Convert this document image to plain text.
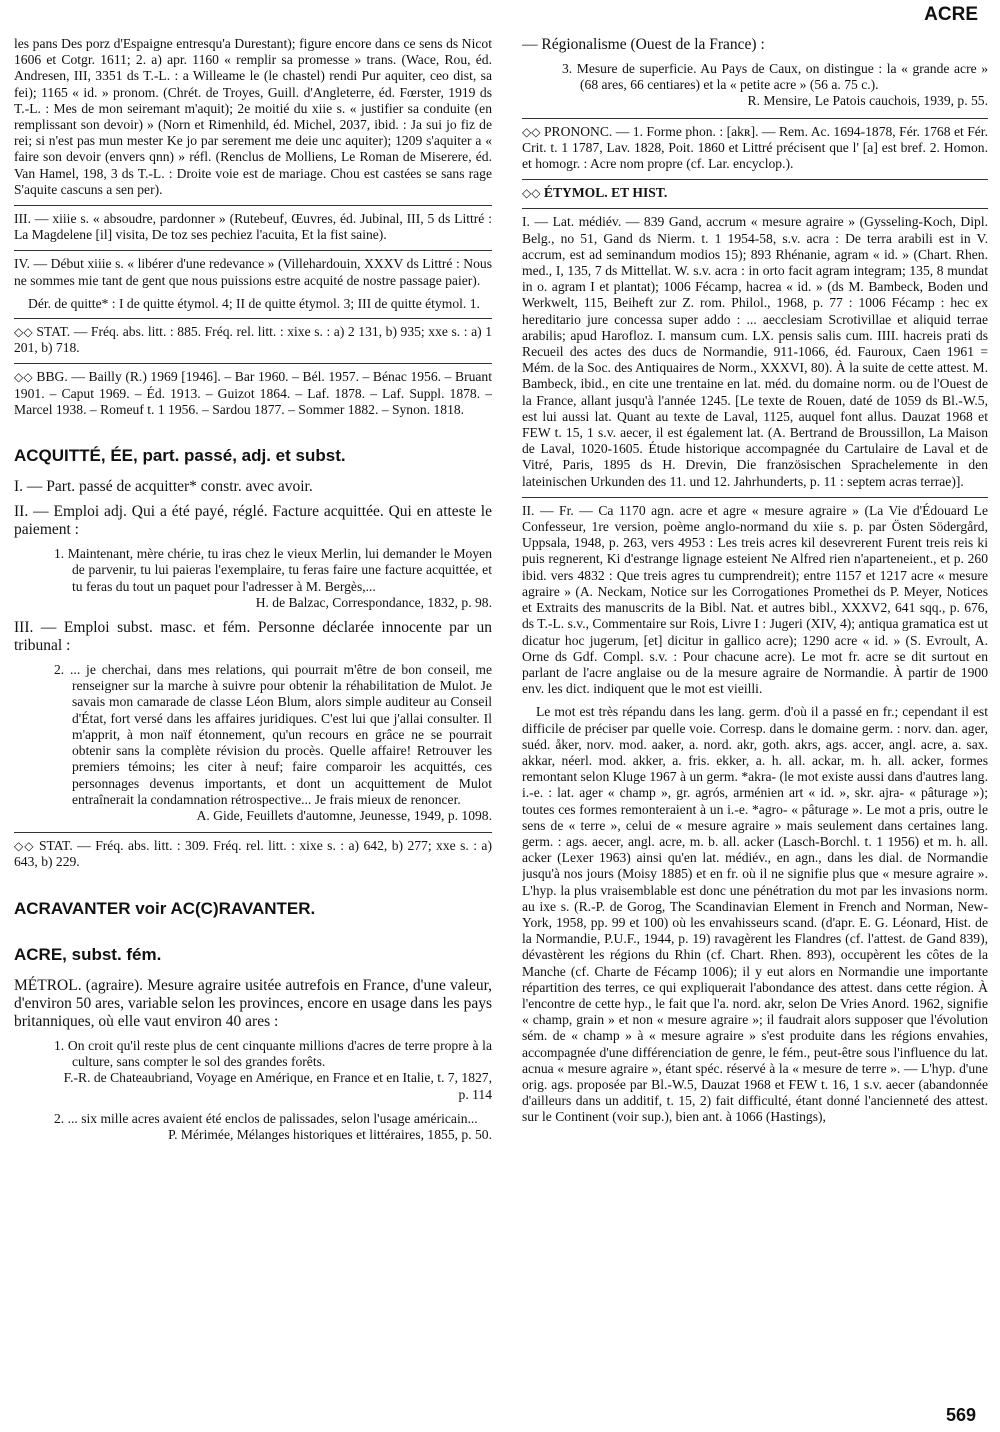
ACRE

les pans Des porz d'Espaigne entresqu'a Durestant); figure encore dans ce sens ds Nicot 1606 et Cotgr. 1611; 2. a) apr. 1160 « remplir sa promesse » trans. (Wace, Rou, éd. Andresen, III, 3351 ds T.-L. : a Willeame le (le chastel) rendi Pur aquiter, ceo dist, sa fei); 1165 « id. » pronom. (Chrét. de Troyes, Guill. d'Angleterre, éd. Fœrster, 1919 ds T.-L. : Mes de mon seiremant m'aquit); 2e moitié du xiie s. « justifier sa conduite (en remplissant son devoir) » (Norn et Rimenhild, éd. Michel, 2037, ibid. : Ja sui jo fiz de rei; si n'est pas mun mester Ke jo par serement me deie unc aquiter); 1209 s'aquiter a « faire son devoir (envers qnn) » réfl. (Renclus de Molliens, Le Roman de Miserere, éd. Van Hamel, 198, 3 ds T.-L. : Droite voie est de mariage. Chou est castées se sans rage S'aquite cascuns a sen per).

III. — xiiie s. « absoudre, pardonner » (Rutebeuf, Œuvres, éd. Jubinal, III, 5 ds Littré : La Magdelene [il] visita, De toz ses pechiez l'acuita, Et la fist saine).

IV. — Début xiiie s. « libérer d'une redevance » (Villehardouin, XXXV ds Littré : Nous ne sommes mie tant de gent que nous puissions estre acquité de nostre passage paier).

Dér. de quitte* : I de quitte étymol. 4; II de quitte étymol. 3; III de quitte étymol. 1.

◇◇ STAT. — Fréq. abs. litt. : 885. Fréq. rel. litt. : xixe s. : a) 2 131, b) 935; xxe s. : a) 1 201, b) 718.

◇◇ BBG. — Bailly (R.) 1969 [1946]. – Bar 1960. – Bél. 1957. – Bénac 1956. – Bruant 1901. – Caput 1969. – Éd. 1913. – Guizot 1864. – Laf. 1878. – Laf. Suppl. 1878. – Marcel 1938. – Romeuf t. 1 1956. – Sardou 1877. – Sommer 1882. – Synon. 1818.

ACQUITTÉ, ÉE, part. passé, adj. et subst.

I. — Part. passé de acquitter* constr. avec avoir.

II. — Emploi adj. Qui a été payé, réglé. Facture acquittée. Qui en atteste le paiement :

1. Maintenant, mère chérie, tu iras chez le vieux Merlin, lui demander le Moyen de parvenir, tu lui paieras l'exemplaire, tu feras faire une facture acquittée, et tu feras du tout un paquet pour l'adresser à M. Bergès,...
H. de Balzac, Correspondance, 1832, p. 98.

III. — Emploi subst. masc. et fém. Personne déclarée innocente par un tribunal :

2. ... je cherchai, dans mes relations, qui pourrait m'être de bon conseil, me renseigner sur la marche à suivre pour obtenir la réhabilitation de Mulot. Je savais mon camarade de classe Léon Blum, alors simple auditeur au Conseil d'État, fort versé dans les affaires juridiques. C'est lui que j'allai consulter. Il m'apprit, à mon naïf étonnement, qu'un recours en grâce ne se pourrait obtenir sans la complète révision du procès. Quelle affaire! Retrouver les premiers témoins; les citer à neuf; faire comparoir les acquittés, ces personnages devenus importants, et dont un acquittement de Mulot entraînerait la condamnation rétrospective... Je frais mieux de renoncer.
A. Gide, Feuillets d'automne, Jeunesse, 1949, p. 1098.

◇◇ STAT. — Fréq. abs. litt. : 309. Fréq. rel. litt. : xixe s. : a) 642, b) 277; xxe s. : a) 643, b) 229.

ACRAVANTER voir AC(C)RAVANTER.
ACRE, subst. fém.

MÉTROL. (agraire). Mesure agraire usitée autrefois en France, d'une valeur, d'environ 50 ares, variable selon les provinces, encore en usage dans les pays britanniques, où elle vaut environ 40 ares :

1. On croit qu'il reste plus de cent cinquante millions d'acres de terre propre à la culture, sans compter le sol des grandes forêts.
F.-R. de Chateaubriand, Voyage en Amérique, en France et en Italie, t. 7, 1827, p. 114
2. ... six mille acres avaient été enclos de palissades, selon l'usage américain...
P. Mérimée, Mélanges historiques et littéraires, 1855, p. 50.

— Régionalisme (Ouest de la France) :

3. Mesure de superficie. Au Pays de Caux, on distingue : la « grande acre » (68 ares, 66 centiares) et la « petite acre » (56 a. 75 c.).
R. Mensire, Le Patois cauchois, 1939, p. 55.

◇◇ PRONONC. — 1. Forme phon. : [akʀ]. — Rem. Ac. 1694-1878, Fér. 1768 et Fér. Crit. t. 1 1787, Lav. 1828, Poit. 1860 et Littré précisent que l' [a] est bref. 2. Homon. et homogr. : Acre nom propre (cf. Lar. encyclop.).

◇◇ ÉTYMOL. ET HIST.

I. — Lat. médiév. — 839 Gand, accrum « mesure agraire » (Gysseling-Koch, Dipl. Belg., no 51, Gand ds Nierm. t. 1 1954-58, s.v. acra : De terra arabili est in V. accrum, est ad seminandum modios 15); 893 Rhénanie, agram « id. » (Chart. Rhen. med., I, 135, 7 ds Mittellat. W. s.v. acra : in orto facit agram integram; 135, 8 mundat in o. agram I et plantat); 1006 Fécamp, hacrea « id. » (ds M. Bambeck, Boden und Werkwelt, 115, Beiheft zur Z. rom. Philol., 1968, p. 77 : 1006 Fécamp : hec ex hereditario jure concessa super addo : ... aecclesiam Scrotivillae et aliquid terrae arabilis; apud Harofloz. I. mansum cum. LX. pensis salis cum. IIII. hacreis prati ds Recueil des actes des ducs de Normandie, 911-1066, éd. Fauroux, Caen 1961 = Mém. de la Soc. des Antiquaires de Norm., XXXVI, 80). À la suite de cette attest. M. Bambeck, ibid., en cite une trentaine en lat. méd. du domaine norm. ou de l'Ouest de la France, allant jusqu'à l'année 1245. [Le texte de Rouen, daté de 1059 ds Bl.-W.5, est lui aussi lat. Quant au texte de Laval, 1125, auquel font allus. Dauzat 1968 et FEW t. 15, 1 s.v. aecer, il est également lat. (A. Bertrand de Broussillon, La Maison de Laval, 1020-1605. Étude historique accompagnée du Cartulaire de Laval et de Vitré, Paris, 1895 ds H. Drevin, Die französischen Sprachelemente in den lateinischen Urkunden des 11. und 12. Jahrhunderts, p. 11 : septem acras terrae)].

II. — Fr. — Ca 1170 agn. acre et agre « mesure agraire » (La Vie d'Édouard Le Confesseur, 1re version, poème anglo-normand du xiie s. p. par Östen Södergård, Uppsala, 1948, p. 263, vers 4953 : Les treis acres kil desevrerent Furent treis reis ki puis regnerent, Ki d'estrange lignage esteient Ne Alfred rien n'aparteneient., et p. 260 ibid. vers 4832 : Que treis agres tu cumprendreit); entre 1157 et 1217 acre « mesure agraire » (A. Neckam, Notice sur les Corrogationes Promethei ds P. Meyer, Notices et Extraits des manuscrits de la Bibl. Nat. et autres bibl., XXXV2, 641 sqq., p. 676, ds T.-L. s.v., Commentaire sur Rois, Livre I : Jugeri (XIV, 4); antiqua gramatica est ut dicatur hoc jugerum, [et] dicitur in gallico acre); 1290 acre « id. » (S. Evroult, A. Orne ds Gdf. Compl. s.v. : Pour chacune acre). Le mot fr. acre se dit surtout en parlant de l'acre anglaise ou de la mesure agraire de Normandie. À partir de 1900 env. les dict. indiquent que le mot est vieilli.

Le mot est très répandu dans les lang. germ. d'où il a passé en fr.; cependant il est difficile de préciser par quelle voie. Corresp. dans le domaine germ. : norv. dan. ager, suéd. åker, norv. mod. aaker, a. nord. akr, goth. akrs, ags. accer, angl. acre, a. sax. akkar, néerl. mod. akker, a. fris. ekker, a. h. all. ackar, m. h. all. acker, formes remontant selon Kluge 1967 à un germ. *akra- (le mot existe aussi dans d'autres lang. i.-e. : lat. ager « champ », gr. agrós, arménien art « id. », skr. ajra- « pâturage »); toutes ces formes remonteraient à un i.-e. *agro- « pâturage ». Le mot a pris, outre le sens de « terre », celui de « mesure agraire » mais seulement dans certaines lang. germ. : ags. aecer, angl. acre, m. b. all. acker (Lasch-Borchl. t. 1 1956) et m. h. all. acker (Lexer 1963) ainsi qu'en lat. médiév., en agn., dans les dial. de Normandie jusqu'à nos jours (Moisy 1885) et en fr. où il ne signifie plus que « mesure agraire ». L'hyp. la plus vraisemblable est donc une pénétration du mot par les invasions norm. au ixe s. (R.-P. de Gorog, The Scandinavian Element in French and Norman, New-York, 1958, pp. 99 et 100) où les envahisseurs scand. (d'apr. E. G. Léonard, Hist. de la Normandie, P.U.F., 1944, p. 19) ravagèrent les Flandres (cf. l'attest. de Gand 839), dévastèrent les régions du Rhin (cf. Chart. Rhen. 893), occupèrent les côtes de la Manche (cf. Charte de Fécamp 1006); il y eut alors en Normandie une importante répartition des terres, ce qui expliquerait l'abondance des attest. dans cette région. À l'encontre de cette hyp., le fait que l'a. nord. akr, selon De Vries Anord. 1962, signifie « champ, grain » et non « mesure agraire »; il faudrait alors supposer que l'évolution sém. de « champ » à « mesure agraire » s'est produite dans les régions envahies, accompagnée d'une différenciation de genre, le fém., peut-être sous l'influence du lat. acnua « mesure agraire », étant spéc. réservé à la « mesure de terre ». — L'hyp. d'une orig. ags. proposée par Bl.-W.5, Dauzat 1968 et FEW t. 16, 1 s.v. aecer (abandonnée d'ailleurs dans un additif, t. 15, 2) fait difficulté, étant donné l'ancienneté des attest. sur le Continent (voir sup.), bien ant. à 1066 (Hastings),

569
